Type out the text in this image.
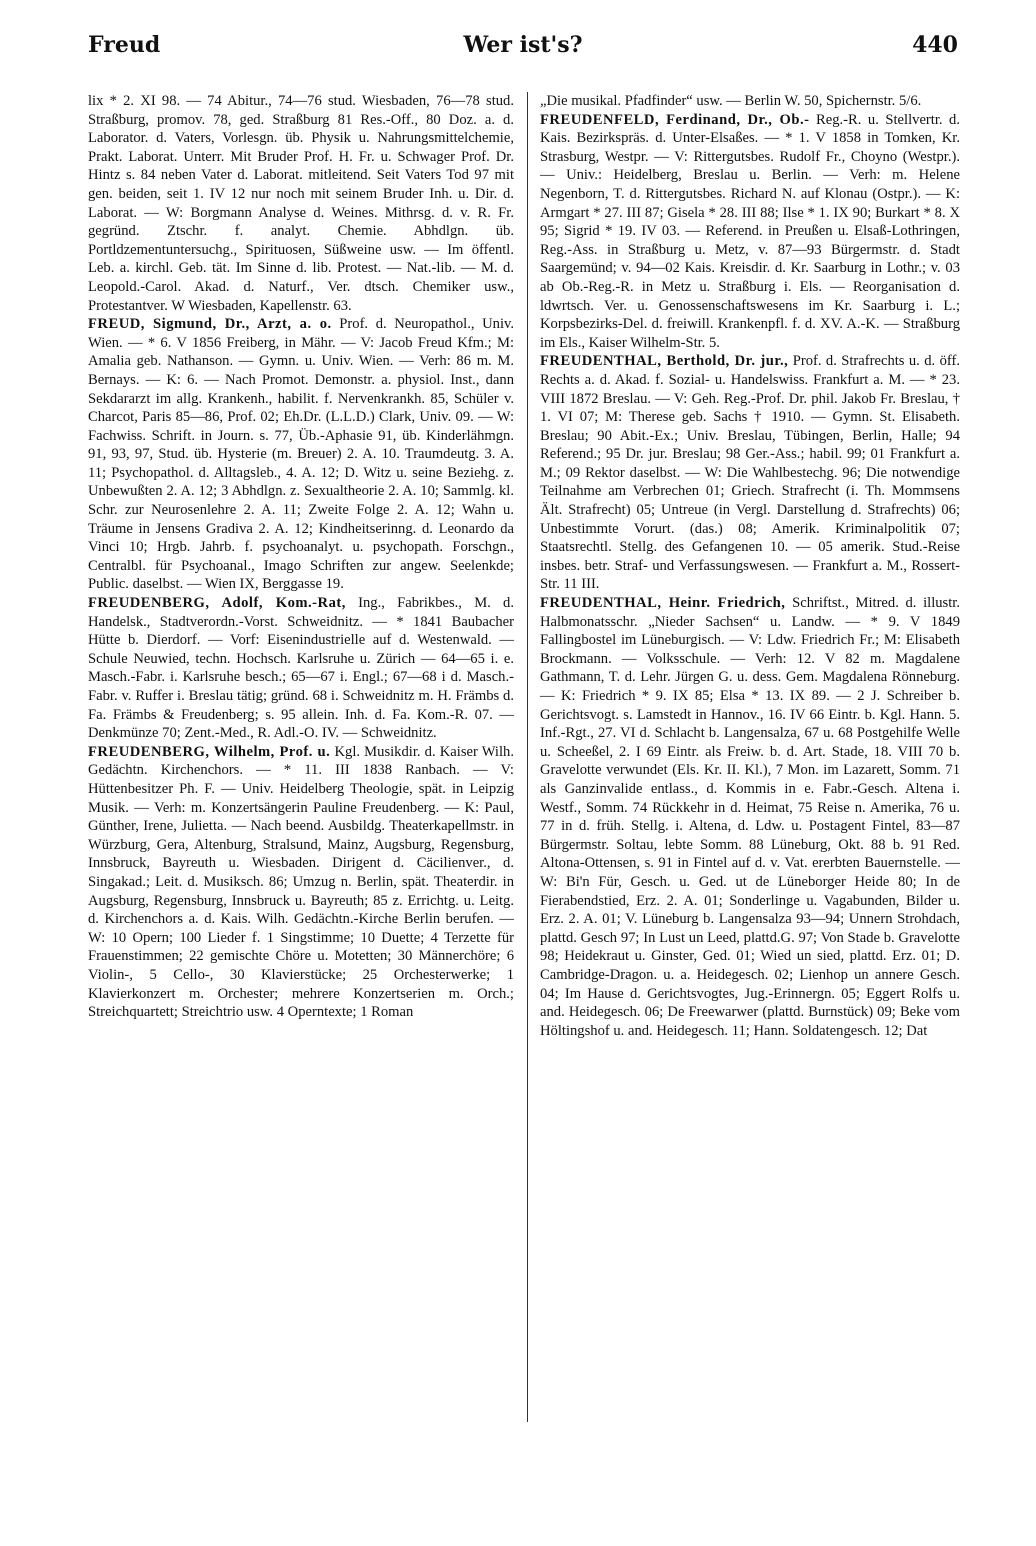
Freud	Wer ist's?	440

lix * 2. XI 98. — 74 Abitur., 74—76 stud. Wiesbaden, 76—78 stud. Straßburg, promov. 78, ged. Straßburg 81 Res.-Off., 80 Doz. a. d. Laborator. d. Vaters, Vorlesgn. üb. Physik u. Nahrungsmittelchemie, Prakt. Laborat. Unterr. Mit Bruder Prof. H. Fr. u. Schwager Prof. Dr. Hintz s. 84 neben Vater d. Laborat. mitleitend. Seit Vaters Tod 97 mit gen. beiden, seit 1. IV 12 nur noch mit seinem Bruder Inh. u. Dir. d. Laborat. — W: Borgmann Analyse d. Weines. Mithrsg. d. v. R. Fr. gegründ. Ztschr. f. analyt. Chemie. Abhdlgn. üb. Portldzementuntersuchg., Spirituosen, Süßweine usw. — Im öffentl. Leb. a. kirchl. Geb. tät. Im Sinne d. lib. Protest. — Nat.-lib. — M. d. Leopold.-Carol. Akad. d. Naturf., Ver. dtsch. Chemiker usw., Protestantver. W Wiesbaden, Kapellenstr. 63.

FREUD, Sigmund, Dr., Arzt, a. o. Prof. d. Neuropathol., Univ. Wien. — * 6. V 1856 Freiberg, in Mähr. — V: Jacob Freud Kfm.; M: Amalia geb. Nathanson. — Gymn. u. Univ. Wien. — Verh: 86 m. M. Bernays. — K: 6. — Nach Promot. Demonstr. a. physiol. Inst., dann Sekdararzt im allg. Krankenh., habilit. f. Nervenkrankh. 85, Schüler v. Charcot, Paris 85—86, Prof. 02; Eh.Dr. (L.L.D.) Clark, Univ. 09. — W: Fachwiss. Schrift. in Journ. s. 77, Üb.-Aphasie 91, üb. Kinderlähmgn. 91, 93, 97, Stud. üb. Hysterie (m. Breuer) 2. A. 10. Traumdeutg. 3. A. 11; Psychopathol. d. Alltagsleb., 4. A. 12; D. Witz u. seine Beziehg. z. Unbewußten 2. A. 12; 3 Abhdlgn. z. Sexualtheorie 2. A. 10; Sammlg. kl. Schr. zur Neurosenlehre 2. A. 11; Zweite Folge 2. A. 12; Wahn u. Träume in Jensens Gradiva 2. A. 12; Kindheitserinng. d. Leonardo da Vinci 10; Hrgb. Jahrb. f. psychoanalyt. u. psychopath. Forschgn., Centralbl. für Psychoanal., Imago Schriften zur angew. Seelenkde; Public. daselbst. — Wien IX, Berggasse 19.

FREUDENBERG, Adolf, Kom.-Rat, Ing., Fabrikbes., M. d. Handelsk., Stadtverordn.-Vorst. Schweidnitz. — * 1841 Baubacher Hütte b. Dierdorf. — Vorf: Eisenindustrielle auf d. Westenwald. — Schule Neuwied, techn. Hochsch. Karlsruhe u. Zürich — 64—65 i. e. Masch.-Fabr. i. Karlsruhe besch.; 65—67 i. Engl.; 67—68 i d. Masch.-Fabr. v. Ruffer i. Breslau tätig; gründ. 68 i. Schweidnitz m. H. Främbs d. Fa. Främbs & Freudenberg; s. 95 allein. Inh. d. Fa. Kom.-R. 07. — Denkmünze 70; Zent.-Med., R. Adl.-O. IV. — Schweidnitz.

FREUDENBERG, Wilhelm, Prof. u. Kgl. Musikdir. d. Kaiser Wilh. Gedächtn. Kirchenchors. — * 11. III 1838 Ranbach. — V: Hüttenbesitzer Ph. F. — Univ. Heidelberg Theologie, spät. in Leipzig Musik. — Verh: m. Konzertsängerin Pauline Freudenberg. — K: Paul, Günther, Irene, Julietta. — Nach beend. Ausbildg. Theaterkapellmstr. in Würzburg, Gera, Altenburg, Stralsund, Mainz, Augsburg, Regensburg, Innsbruck, Bayreuth u. Wiesbaden. Dirigent d. Cäcilienver., d. Singakad.; Leit. d. Musiksch. 86; Umzug n. Berlin, spät. Theaterdir. in Augsburg, Regensburg, Innsbruck u. Bayreuth; 85 z. Errichtg. u. Leitg. d. Kirchenchors a. d. Kais. Wilh. Gedächtn.-Kirche Berlin berufen. — W: 10 Opern; 100 Lieder f. 1 Singstimme; 10 Duette; 4 Terzette für Frauenstimmen; 22 gemischte Chöre u. Motetten; 30 Männerchöre; 6 Violin-, 5 Cello-, 30 Klavierstücke; 25 Orchesterwerke; 1 Klavierkonzert m. Orchester; mehrere Konzertserien m. Orch.; Streichquartett; Streichtrio usw. 4 Operntexte; 1 Roman

„Die musikal. Pfadfinder“ usw. — Berlin W. 50, Spichernstr. 5/6.

FREUDENFELD, Ferdinand, Dr., Ob.- Reg.-R. u. Stellvertr. d. Kais. Bezirkspräs. d. Unter-Elsaßes. — * 1. V 1858 in Tomken, Kr. Strasburg, Westpr. — V: Rittergutsbes. Rudolf Fr., Choyno (Westpr.). — Univ.: Heidelberg, Breslau u. Berlin. — Verh: m. Helene Negenborn, T. d. Rittergutsbes. Richard N. auf Klonau (Ostpr.). — K: Armgart * 27. III 87; Gisela * 28. III 88; Ilse * 1. IX 90; Burkart * 8. X 95; Sigrid * 19. IV 03. — Referend. in Preußen u. Elsaß-Lothringen, Reg.-Ass. in Straßburg u. Metz, v. 87—93 Bürgermstr. d. Stadt Saargemünd; v. 94—02 Kais. Kreisdir. d. Kr. Saarburg in Lothr.; v. 03 ab Ob.-Reg.-R. in Metz u. Straßburg i. Els. — Reorganisation d. ldwrtsch. Ver. u. Genossenschaftswesens im Kr. Saarburg i. L.; Korpsbezirks-Del. d. freiwill. Krankenpfl. f. d. XV. A.-K. — Straßburg im Els., Kaiser Wilhelm-Str. 5.

FREUDENTHAL, Berthold, Dr. jur., Prof. d. Strafrechts u. d. öff. Rechts a. d. Akad. f. Sozial- u. Handelswiss. Frankfurt a. M. — * 23. VIII 1872 Breslau. — V: Geh. Reg.-Prof. Dr. phil. Jakob Fr. Breslau, † 1. VI 07; M: Therese geb. Sachs † 1910. — Gymn. St. Elisabeth. Breslau; 90 Abit.-Ex.; Univ. Breslau, Tübingen, Berlin, Halle; 94 Referend.; 95 Dr. jur. Breslau; 98 Ger.-Ass.; habil. 99; 01 Frankfurt a. M.; 09 Rektor daselbst. — W: Die Wahlbestechg. 96; Die notwendige Teilnahme am Verbrechen 01; Griech. Strafrecht (i. Th. Mommsens Ält. Strafrecht) 05; Untreue (in Vergl. Darstellung d. Strafrechts) 06; Unbestimmte Vorurt. (das.) 08; Amerik. Kriminalpolitik 07; Staatsrechtl. Stellg. des Gefangenen 10. — 05 amerik. Stud.-Reise insbes. betr. Straf- und Verfassungswesen. — Frankfurt a. M., Rossert-Str. 11 III.

FREUDENTHAL, Heinr. Friedrich, Schriftst., Mitred. d. illustr. Halbmonatsschr. „Nieder Sachsen“ u. Landw. — * 9. V 1849 Fallingbostel im Lüneburgisch. — V: Ldw. Friedrich Fr.; M: Elisabeth Brockmann. — Volksschule. — Verh: 12. V 82 m. Magdalene Gathmann, T. d. Lehr. Jürgen G. u. dess. Gem. Magdalena Rönneburg. — K: Friedrich * 9. IX 85; Elsa * 13. IX 89. — 2 J. Schreiber b. Gerichtsvogt. s. Lamstedt in Hannov., 16. IV 66 Eintr. b. Kgl. Hann. 5. Inf.-Rgt., 27. VI d. Schlacht b. Langensalza, 67 u. 68 Postgehilfe Welle u. Scheeßel, 2. I 69 Eintr. als Freiw. b. d. Art. Stade, 18. VIII 70 b. Gravelotte verwundet (Els. Kr. II. Kl.), 7 Mon. im Lazarett, Somm. 71 als Ganzinvalide entlass., d. Kommis in e. Fabr.-Gesch. Altena i. Westf., Somm. 74 Rückkehr in d. Heimat, 75 Reise n. Amerika, 76 u. 77 in d. früh. Stellg. i. Altena, d. Ldw. u. Postagent Fintel, 83—87 Bürgermstr. Soltau, lebte Somm. 88 Lüneburg, Okt. 88 b. 91 Red. Altona-Ottensen, s. 91 in Fintel auf d. v. Vat. ererbten Bauernstelle. — W: Bi'n Für, Gesch. u. Ged. ut de Lüneborger Heide 80; In de Fierabendstied, Erz. 2. A. 01; Sonderlinge u. Vagabunden, Bilder u. Erz. 2. A. 01; V. Lüneburg b. Langensalza 93—94; Unnern Strohdach, plattd. Gesch 97; In Lust un Leed, plattd.G. 97; Von Stade b. Gravelotte 98; Heidekraut u. Ginster, Ged. 01; Wied un sied, plattd. Erz. 01; D. Cambridge-Dragon. u. a. Heidegesch. 02; Lienhop un annere Gesch. 04; Im Hause d. Gerichtsvogtes, Jug.-Erinnergn. 05; Eggert Rolfs u. and. Heidegesch. 06; De Freewarwer (plattd. Burnstück) 09; Beke vom Höltingshof u. and. Heidegesch. 11; Hann. Soldatengesch. 12; Dat
